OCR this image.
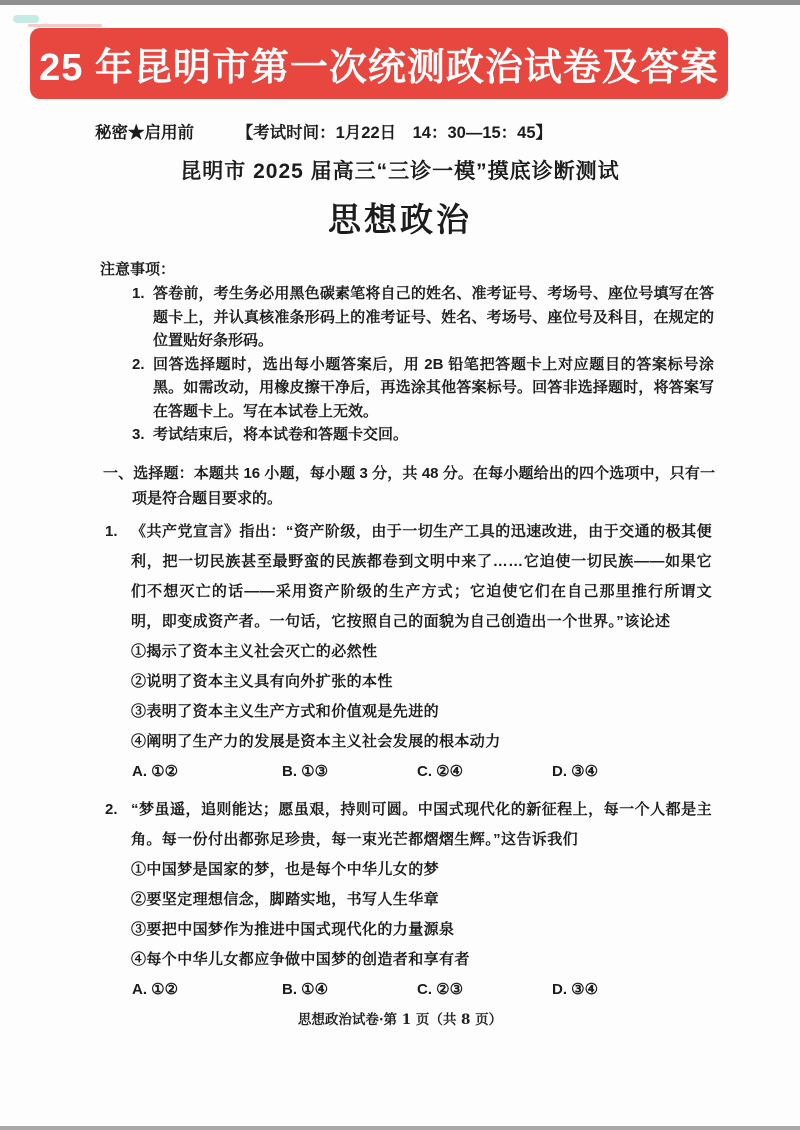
25 年昆明市第一次统测政治试卷及答案
秘密★启用前	【考试时间：1月22日　14：30—15：45】
昆明市 2025 届高三“三诊一模”摸底诊断测试
思想政治
注意事项：
1. 答卷前，考生务必用黑色碳素笔将自己的姓名、准考证号、考场号、座位号填写在答题卡上，并认真核准条形码上的准考证号、姓名、考场号、座位号及科目，在规定的位置贴好条形码。
2. 回答选择题时，选出每小题答案后，用 2B 铅笔把答题卡上对应题目的答案标号涂黑。如需改动，用橡皮擦干净后，再选涂其他答案标号。回答非选择题时，将答案写在答题卡上。写在本试卷上无效。
3. 考试结束后，将本试卷和答题卡交回。
一、选择题：本题共 16 小题，每小题 3 分，共 48 分。在每小题给出的四个选项中，只有一项是符合题目要求的。
1. 《共产党宣言》指出：“资产阶级，由于一切生产工具的迅速改进，由于交通的极其便利，把一切民族甚至最野蛮的民族都卷到文明中来了……它迫使一切民族——如果它们不想灭亡的话——采用资产阶级的生产方式；它迫使它们在自己那里推行所谓文明，即变成资产者。一句话，它按照自己的面貌为自己创造出一个世界。”该论述
①揭示了资本主义社会灭亡的必然性
②说明了资本主义具有向外扩张的本性
③表明了资本主义生产方式和价值观是先进的
④阐明了生产力的发展是资本主义社会发展的根本动力
A. ①②	B. ①③	C. ②④	D. ③④
2. “梦虽遥，追则能达；愿虽艰，持则可圆。中国式现代化的新征程上，每一个人都是主角。每一份付出都弥足珍贵，每一束光芒都熠熠生辉。”这告诉我们
①中国梦是国家的梦，也是每个中华儿女的梦
②要坚定理想信念，脚踏实地，书写人生华章
③要把中国梦作为推进中国式现代化的力量源泉
④每个中华儿女都应争做中国梦的创造者和享有者
A. ①②	B. ①④	C. ②③	D. ③④
思想政治试卷·第 1 页（共 8 页）
